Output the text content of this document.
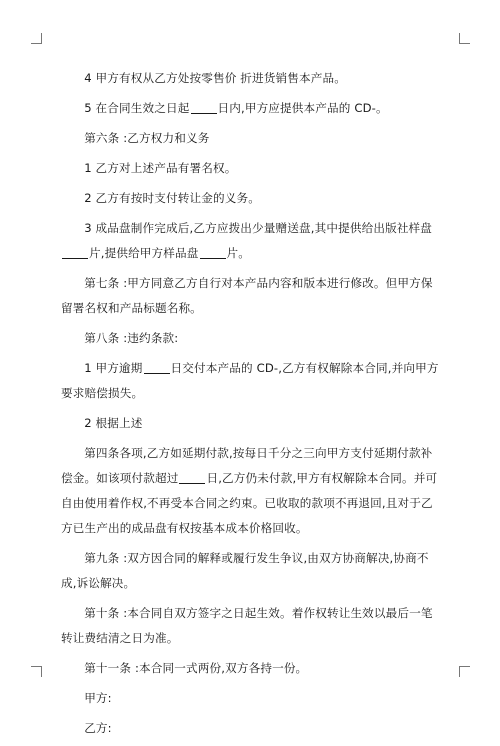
4 甲方有权从乙方处按零售价 折进货销售本产品。

5 在合同生效之日起 日内,甲方应提供本产品的 CD-。

第六条 :乙方权力和义务

1 乙方对上述产品有署名权。

2 乙方有按时支付转让金的义务。

3 成品盘制作完成后,乙方应拨出少量赠送盘,其中提供给出版社样盘片,提供给甲方样品盘 片。

第七条 :甲方同意乙方自行对本产品内容和版本进行修改。但甲方保留署名权和产品标题名称。

第八条 :违约条款:

1 甲方逾期 日交付本产品的 CD-,乙方有权解除本合同,并向甲方要求赔偿损失。

2 根据上述

第四条各项,乙方如延期付款,按每日千分之三向甲方支付延期付款补偿金。如该项付款超过 日,乙方仍未付款,甲方有权解除本合同。并可自由使用着作权,不再受本合同之约束。已收取的款项不再退回,且对于乙方已生产出的成品盘有权按基本成本价格回收。

第九条 :双方因合同的解释或履行发生争议,由双方协商解决,协商不成,诉讼解决。

第十条 :本合同自双方签字之日起生效。着作权转让生效以最后一笔转让费结清之日为准。

第十一条 :本合同一式两份,双方各持一份。

甲方:

乙方:
